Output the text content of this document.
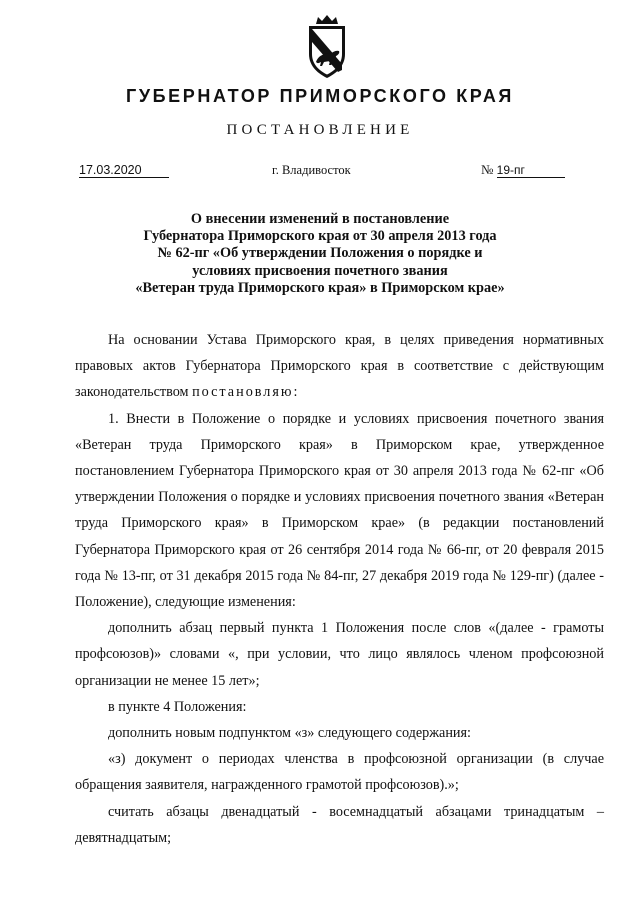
ГУБЕРНАТОР ПРИМОРСКОГО КРАЯ
ПОСТАНОВЛЕНИЕ
17.03.2020	г. Владивосток	№ 19-пг
О внесении изменений в постановление
Губернатора Приморского края от 30 апреля 2013 года
№ 62-пг «Об утверждении Положения о порядке и
условиях присвоения почетного звания
«Ветеран труда Приморского края» в Приморском крае»

На основании Устава Приморского края, в целях приведения нормативных правовых актов Губернатора Приморского края в соответствие с действующим законодательством постановляю:

1. Внести в Положение о порядке и условиях присвоения почетного звания «Ветеран труда Приморского края» в Приморском крае, утвержденное постановлением Губернатора Приморского края от 30 апреля 2013 года № 62-пг «Об утверждении Положения о порядке и условиях присвоения почетного звания «Ветеран труда Приморского края» в Приморском крае» (в редакции постановлений Губернатора Приморского края от 26 сентября 2014 года № 66-пг, от 20 февраля 2015 года № 13-пг, от 31 декабря 2015 года № 84-пг, 27 декабря 2019 года № 129-пг) (далее - Положение), следующие изменения:

дополнить абзац первый пункта 1 Положения после слов «(далее - грамоты профсоюзов)» словами «, при условии, что лицо являлось членом профсоюзной организации не менее 15 лет»;

в пункте 4 Положения:

дополнить новым подпунктом «з» следующего содержания:

«з) документ о периодах членства в профсоюзной организации (в случае обращения заявителя, награжденного грамотой профсоюзов).»;

считать абзацы двенадцатый - восемнадцатый абзацами тринадцатым – девятнадцатым;
